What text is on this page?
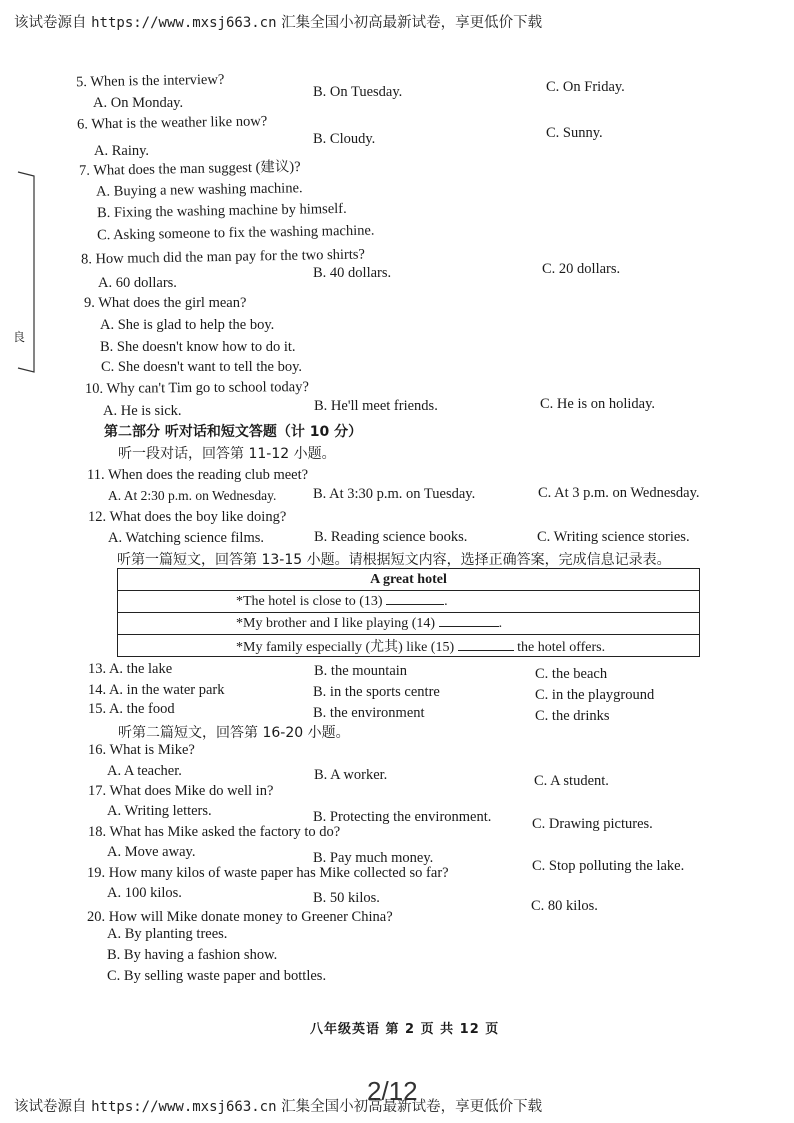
该试卷源自 https://www.mxsj663.cn 汇集全国小初高最新试卷，享更低价下载
良
5. When is the interview?
A. On Monday.
B. On Tuesday.	C. On Friday.
6. What is the weather like now?
A. Rainy.
B. Cloudy.	C. Sunny.
7. What does the man suggest (建议)?
A. Buying a new washing machine.
B. Fixing the washing machine by himself.
C. Asking someone to fix the washing machine.
8. How much did the man pay for the two shirts?
A. 60 dollars.
B. 40 dollars.	C. 20 dollars.
9. What does the girl mean?
A. She is glad to help the boy.
B. She doesn't know how to do it.
C. She doesn't want to tell the boy.
10. Why can't Tim go to school today?
A. He is sick.	B. He'll meet friends.	C. He is on holiday.
第二部分 听对话和短文答题（计 10 分）
听一段对话，回答第 11-12 小题。
11. When does the reading club meet?
A. At 2:30 p.m. on Wednesday.	B. At 3:30 p.m. on Tuesday.	C. At 3 p.m. on Wednesday.
12. What does the boy like doing?
A. Watching science films.	B. Reading science books.	C. Writing science stories.
听第一篇短文，回答第 13-15 小题。请根据短文内容，选择正确答案，完成信息记录表。
A great hotel
*The hotel is close to (13)	.
*My brother and I like playing (14)	.
*My family especially (尤其) like (15)	the hotel offers.
13. A. the lake	B. the mountain	C. the beach
14. A. in the water park	B. in the sports centre	C. in the playground
15. A. the food	B. the environment	C. the drinks
听第二篇短文，回答第 16-20 小题。
16. What is Mike?
A. A teacher.	B. A worker.	C. A student.
17. What does Mike do well in?
A. Writing letters.	B. Protecting the environment.	C. Drawing pictures.
18. What has Mike asked the factory to do?
A. Move away.	B. Pay much money.	C. Stop polluting the lake.
19. How many kilos of waste paper has Mike collected so far?
A. 100 kilos.	B. 50 kilos.	C. 80 kilos.
20. How will Mike donate money to Greener China?
A. By planting trees.
B. By having a fashion show.
C. By selling waste paper and bottles.
八年级英语 第 2 页 共 12 页
2/12
该试卷源自 https://www.mxsj663.cn 汇集全国小初高最新试卷，享更低价下载
